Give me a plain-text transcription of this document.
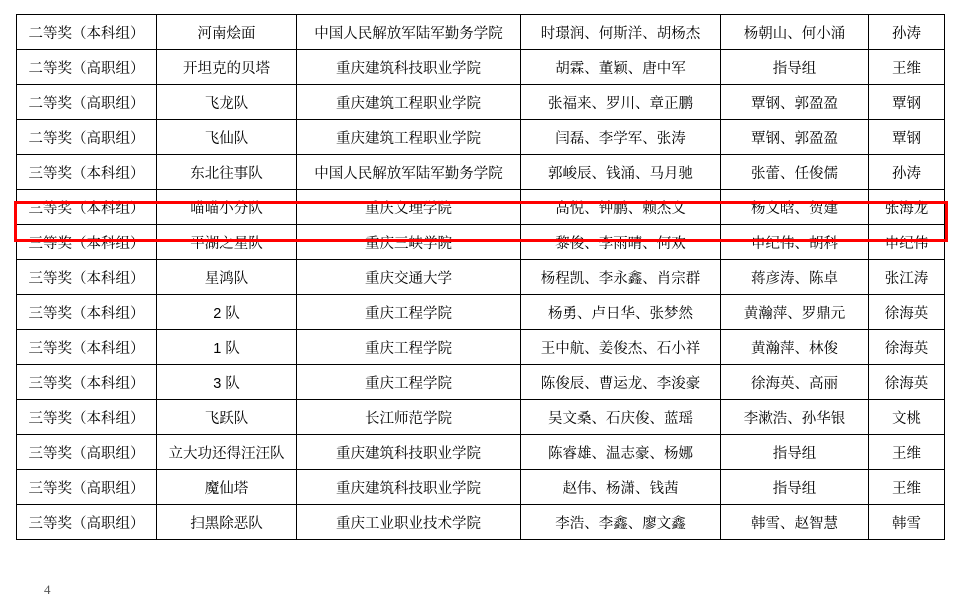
二等奖（本科组）	河南烩面	中国人民解放军陆军勤务学院	时璟润、何斯洋、胡杨杰	杨朝山、何小涌	孙涛
二等奖（高职组）	开坦克的贝塔	重庆建筑科技职业学院	胡霖、董颖、唐中军	指导组	王维
二等奖（高职组）	飞龙队	重庆建筑工程职业学院	张福来、罗川、章正鹏	覃钢、郭盈盈	覃钢
二等奖（高职组）	飞仙队	重庆建筑工程职业学院	闫磊、李学军、张涛	覃钢、郭盈盈	覃钢
三等奖（本科组）	东北往事队	中国人民解放军陆军勤务学院	郭峻辰、钱涌、马月驰	张蕾、任俊儒	孙涛
三等奖（本科组）	喵喵小分队	重庆文理学院	高悦、钟鹏、赖杰文	杨文晗、贺建	张海龙
三等奖（本科组）	平湖之星队	重庆三峡学院	黎俊、李雨晴、何欢	申纪伟、胡科	申纪伟
三等奖（本科组）	星鸿队	重庆交通大学	杨程凯、李永鑫、肖宗群	蒋彦涛、陈卓	张江涛
三等奖（本科组）	2 队	重庆工程学院	杨勇、卢日华、张梦然	黄瀚萍、罗鼎元	徐海英
三等奖（本科组）	1 队	重庆工程学院	王中航、姜俊杰、石小祥	黄瀚萍、林俊	徐海英
三等奖（本科组）	3 队	重庆工程学院	陈俊辰、曹运龙、李浚豪	徐海英、高丽	徐海英
三等奖（本科组）	飞跃队	长江师范学院	吴文桑、石庆俊、蓝瑶	李漱浩、孙华银	文桃
三等奖（高职组）	立大功还得汪汪队	重庆建筑科技职业学院	陈睿雄、温志豪、杨娜	指导组	王维
三等奖（高职组）	魔仙塔	重庆建筑科技职业学院	赵伟、杨潇、钱茜	指导组	王维
三等奖（高职组）	扫黑除恶队	重庆工业职业技术学院	李浩、李鑫、廖文鑫	韩雪、赵智慧	韩雪
4
